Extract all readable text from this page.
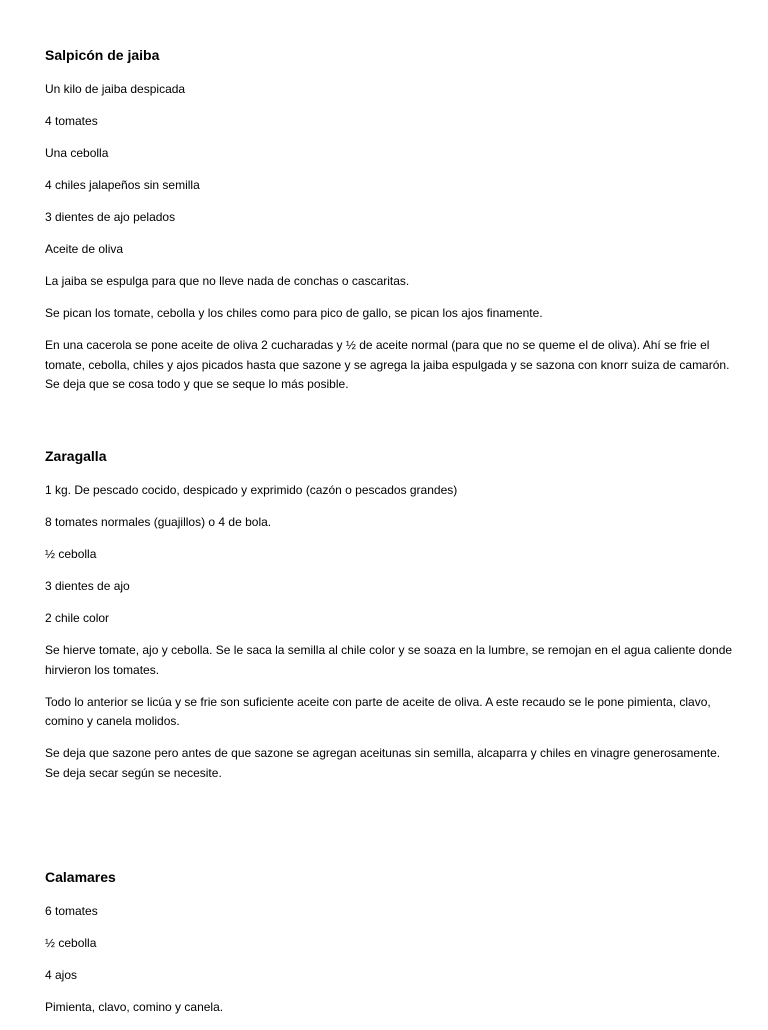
Salpicón de jaiba
Un kilo de jaiba despicada
4 tomates
Una cebolla
4 chiles jalapeños sin semilla
3 dientes de ajo pelados
Aceite de oliva
La jaiba se espulga para que no lleve nada de conchas o cascaritas.
Se pican los tomate, cebolla y los chiles como para pico de gallo, se pican los ajos finamente.
En una cacerola se pone aceite de oliva 2 cucharadas y ½ de aceite normal (para que no se queme el de oliva). Ahí se frie el tomate, cebolla, chiles y ajos picados hasta que sazone y se agrega la jaiba espulgada y se sazona con knorr suiza de camarón. Se deja que se cosa todo y que se seque lo más posible.
Zaragalla
1 kg. De pescado cocido, despicado y exprimido (cazón o pescados grandes)
8 tomates normales (guajillos) o 4 de bola.
½ cebolla
3 dientes de ajo
2 chile color
Se hierve tomate, ajo y cebolla. Se le saca la semilla al chile color y se soaza en la lumbre, se remojan en el agua caliente donde hirvieron los tomates.
Todo lo anterior se licúa y se frie son suficiente aceite con parte de aceite de oliva. A este recaudo se le pone pimienta, clavo, comino y canela molidos.
Se deja que sazone pero antes de que sazone se agregan aceitunas sin semilla, alcaparra y chiles en vinagre generosamente. Se deja secar según se necesite.
Calamares
6 tomates
½ cebolla
4 ajos
Pimienta, clavo, comino y canela.
